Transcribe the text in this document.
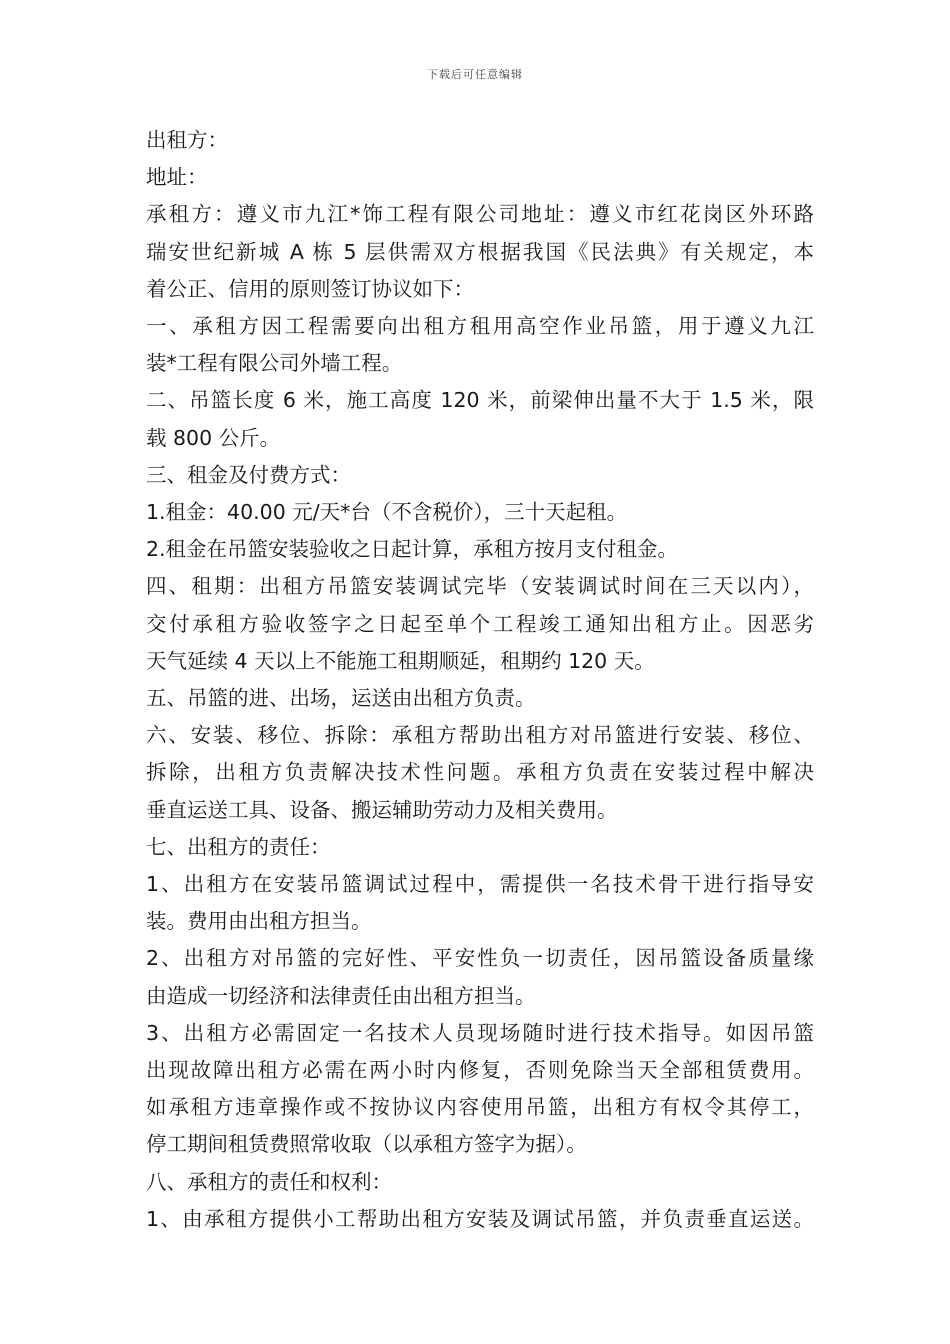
下载后可任意编辑

出租方：

地址：

承租方：遵义市九江*饰工程有限公司地址：遵义市红花岗区外环路

瑞安世纪新城 A 栋 5 层供需双方根据我国《民法典》有关规定，本

着公正、信用的原则签订协议如下：

一、承租方因工程需要向出租方租用高空作业吊篮，用于遵义九江

装*工程有限公司外墙工程。

二、吊篮长度 6 米，施工高度 120 米，前梁伸出量不大于 1.5 米，限

载 800 公斤。

三、租金及付费方式：

1.租金：40.00 元/天*台（不含税价），三十天起租。

2.租金在吊篮安装验收之日起计算，承租方按月支付租金。

四、租期：出租方吊篮安装调试完毕（安装调试时间在三天以内），

交付承租方验收签字之日起至单个工程竣工通知出租方止。因恶劣

天气延续 4 天以上不能施工租期顺延，租期约 120 天。

五、吊篮的进、出场，运送由出租方负责。

六、安装、移位、拆除：承租方帮助出租方对吊篮进行安装、移位、

拆除，出租方负责解决技术性问题。承租方负责在安装过程中解决

垂直运送工具、设备、搬运辅助劳动力及相关费用。

七、出租方的责任：

1、出租方在安装吊篮调试过程中，需提供一名技术骨干进行指导安

装。费用由出租方担当。

2、出租方对吊篮的完好性、平安性负一切责任，因吊篮设备质量缘

由造成一切经济和法律责任由出租方担当。

3、出租方必需固定一名技术人员现场随时进行技术指导。如因吊篮

出现故障出租方必需在两小时内修复，否则免除当天全部租赁费用。

如承租方违章操作或不按协议内容使用吊篮，出租方有权令其停工，

停工期间租赁费照常收取（以承租方签字为据）。

八、承租方的责任和权利：

1、由承租方提供小工帮助出租方安装及调试吊篮，并负责垂直运送。
